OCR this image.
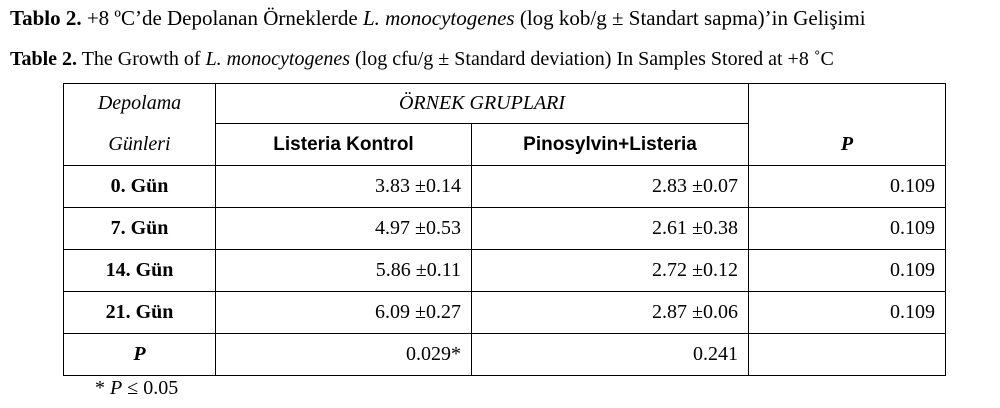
Tablo 2. +8 ºC’de Depolanan Örneklerde L. monocytogenes (log kob/g ± Standart sapma)’in Gelişimi
Table 2. The Growth of L. monocytogenes (log cfu/g ± Standard deviation) In Samples Stored at +8 ˚C
Depolama	ÖRNEK GRUPLARI		
Günleri	Listeria Kontrol	Pinosylvin+Listeria	P
0. Gün	3.83 ±0.14	2.83 ±0.07	0.109
7. Gün	4.97 ±0.53	2.61 ±0.38	0.109
14. Gün	5.86 ±0.11	2.72 ±0.12	0.109
21. Gün	6.09 ±0.27	2.87 ±0.06	0.109
P	0.029*	0.241	
* P ≤ 0.05
